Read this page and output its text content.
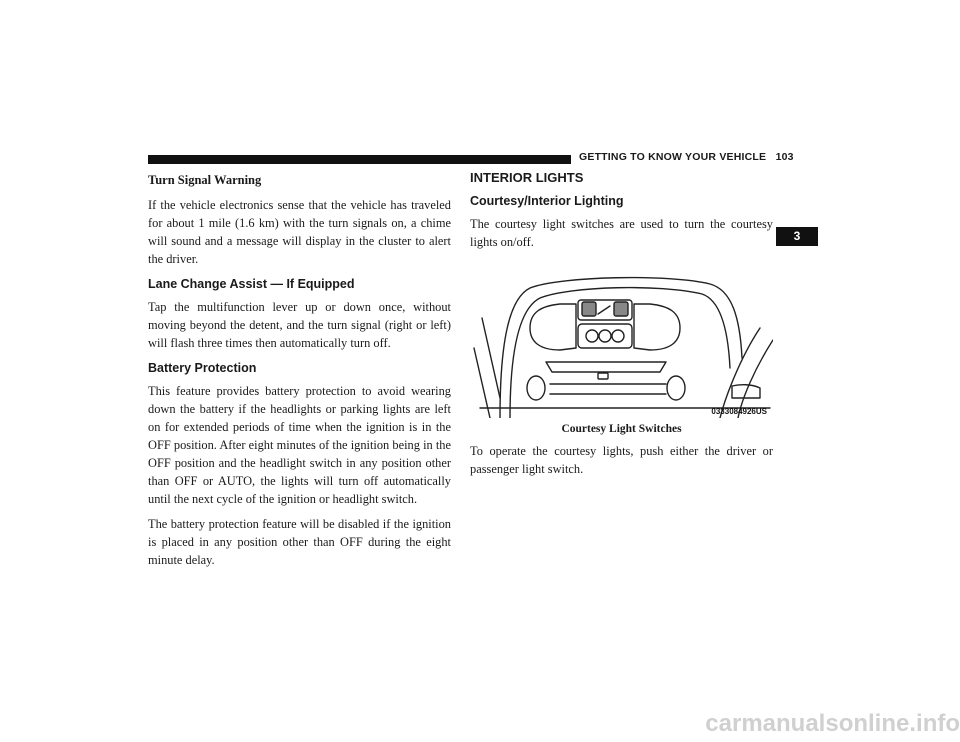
GETTING TO KNOW YOUR VEHICLE 103
3
Turn Signal Warning

If the vehicle electronics sense that the vehicle has traveled for about 1 mile (1.6 km) with the turn signals on, a chime will sound and a message will display in the cluster to alert the driver.

Lane Change Assist — If Equipped

Tap the multifunction lever up or down once, without moving beyond the detent, and the turn signal (right or left) will flash three times then automatically turn off.

Battery Protection

This feature provides battery protection to avoid wearing down the battery if the headlights or parking lights are left on for extended periods of time when the ignition is in the OFF position. After eight minutes of the ignition being in the OFF position and the headlight switch in any position other than OFF or AUTO, the lights will turn off automatically until the next cycle of the ignition or headlight switch.

The battery protection feature will be disabled if the ignition is placed in any position other than OFF during the eight minute delay.

INTERIOR LIGHTS
Courtesy/Interior Lighting

The courtesy light switches are used to turn the courtesy lights on/off.

0333084926US
Courtesy Light Switches

To operate the courtesy lights, push either the driver or passenger light switch.

carmanualsonline.info
